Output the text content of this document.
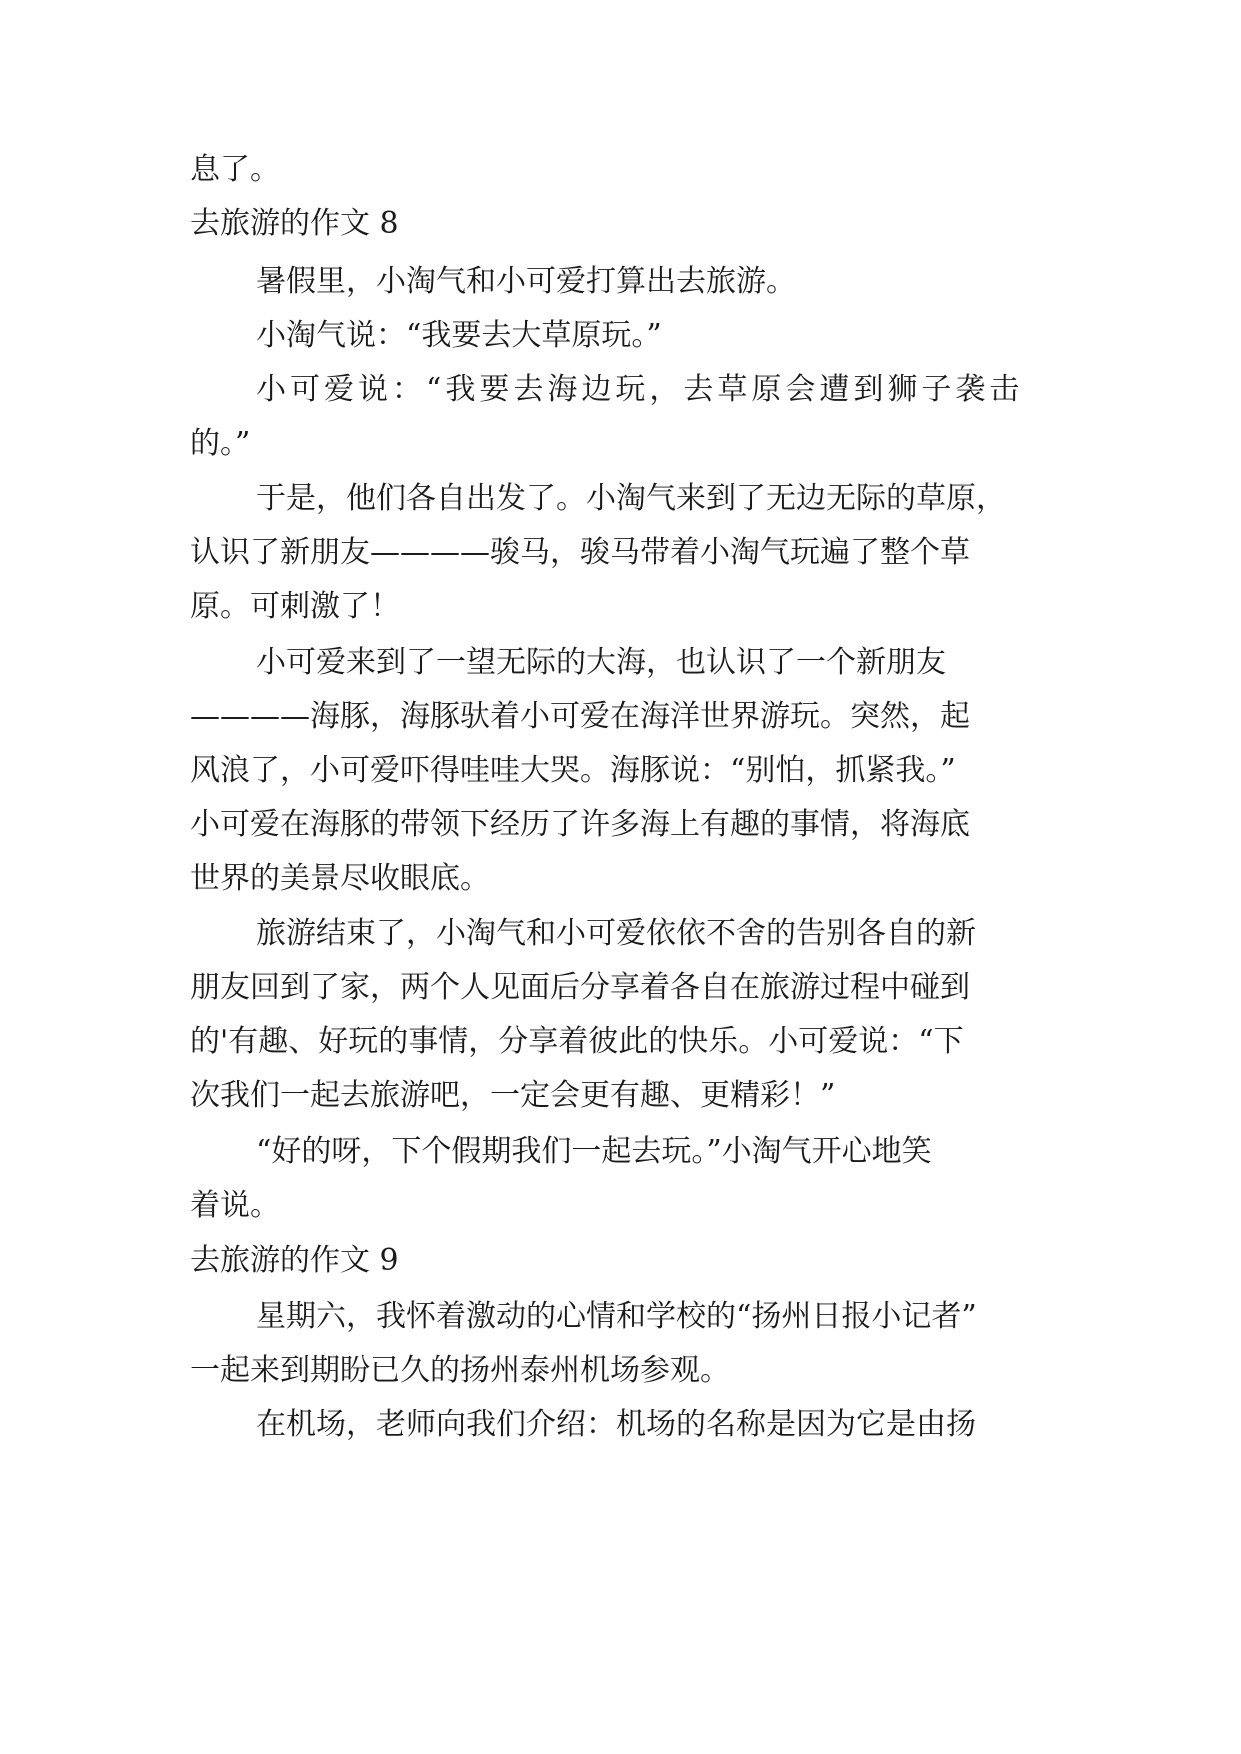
息了。
去旅游的作文 8
暑假里，小淘气和小可爱打算出去旅游。
小淘气说：“我要去大草原玩。”
小可爱说：“我要去海边玩，去草原会遭到狮子袭击
的。”
于是，他们各自出发了。小淘气来到了无边无际的草原，
认识了新朋友————骏马，骏马带着小淘气玩遍了整个草
原。可刺激了！
小可爱来到了一望无际的大海，也认识了一个新朋友
————海豚，海豚驮着小可爱在海洋世界游玩。突然，起
风浪了，小可爱吓得哇哇大哭。海豚说：“别怕，抓紧我。”
小可爱在海豚的带领下经历了许多海上有趣的事情，将海底
世界的美景尽收眼底。
旅游结束了，小淘气和小可爱依依不舍的告别各自的新
朋友回到了家，两个人见面后分享着各自在旅游过程中碰到
的'有趣、好玩的事情，分享着彼此的快乐。小可爱说：“下
次我们一起去旅游吧，一定会更有趣、更精彩！”
“好的呀，下个假期我们一起去玩。”小淘气开心地笑
着说。
去旅游的作文 9
星期六，我怀着激动的心情和学校的“扬州日报小记者”
一起来到期盼已久的扬州泰州机场参观。
在机场，老师向我们介绍：机场的名称是因为它是由扬
